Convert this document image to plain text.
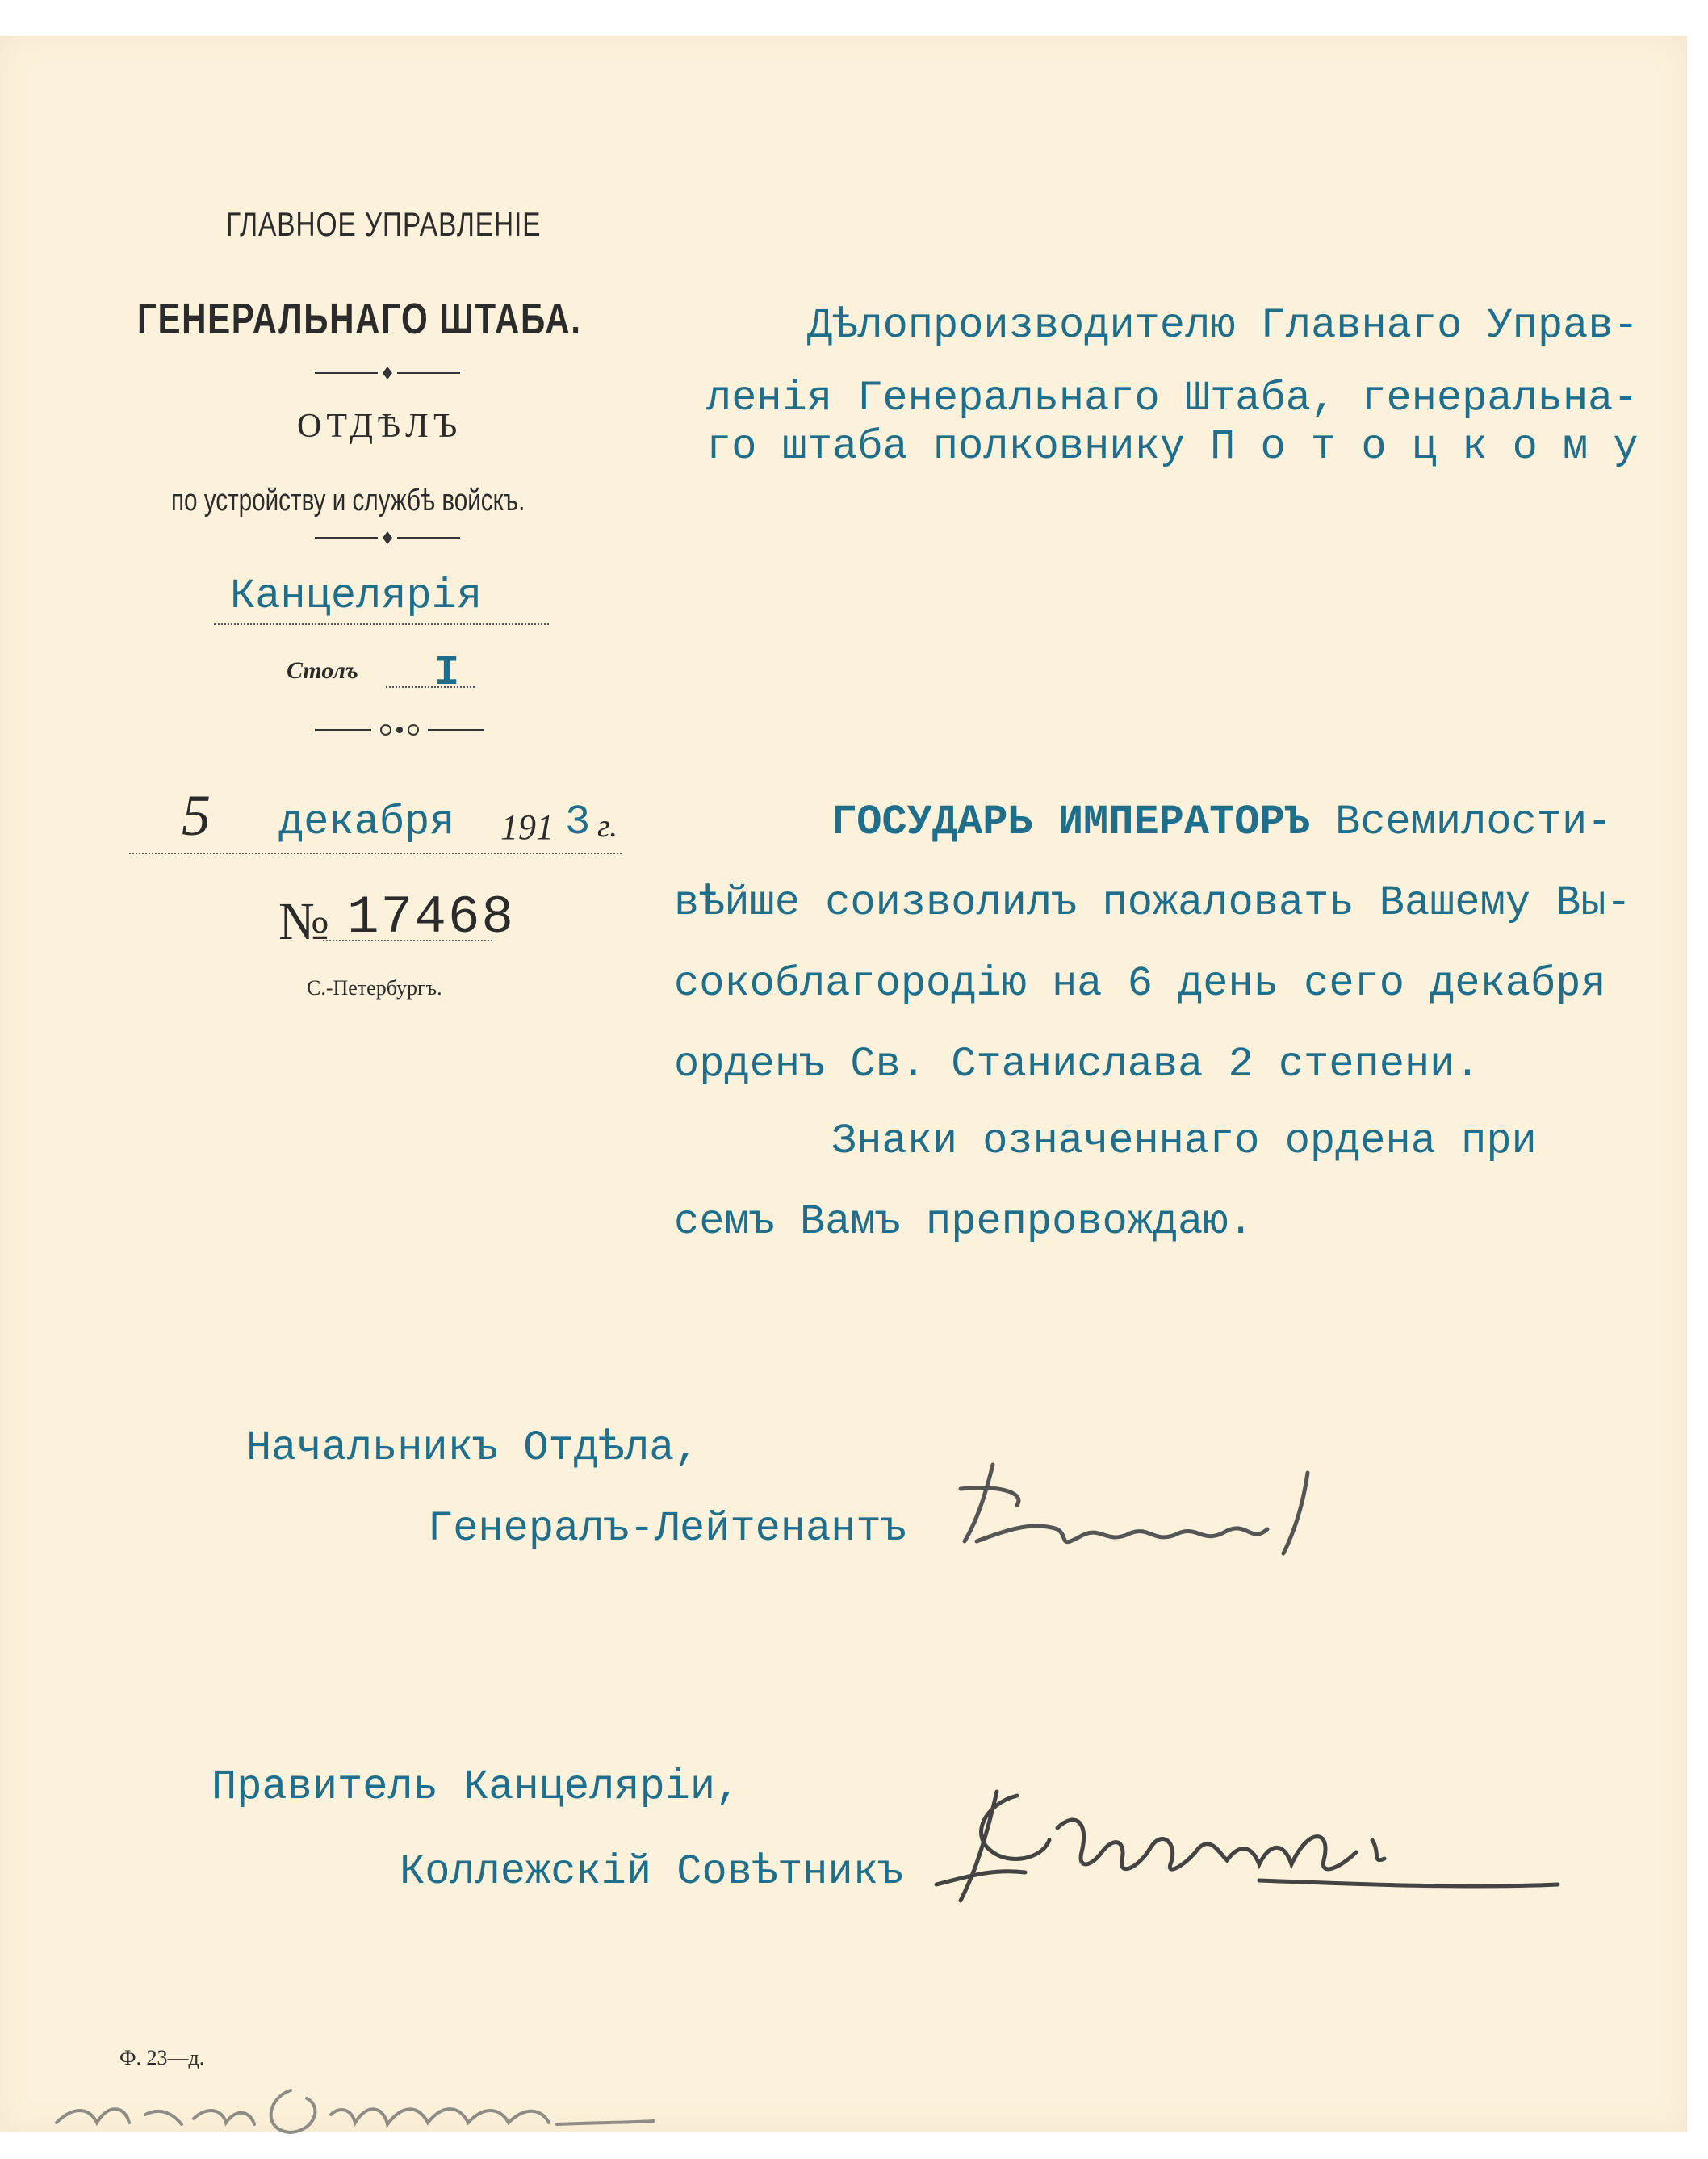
ГЛАВНОЕ УПРАВЛЕНІЕ
ГЕНЕРАЛЬНАГО ШТАБА.
ОТДѢЛЪ
по устройству и службѣ войскъ.
Канцелярія
Столъ I
5 декабря 191 3 г.
№ 17468
С.-Петербургъ.
Дѣлопроизводителю Главнаго Управ-
ленія Генеральнаго Штаба, генеральна-
го штаба полковнику П о т о ц к о м у
ГОСУДАРЬ ИМПЕРАТОРЪ Всемилости-
вѣйше соизволилъ пожаловать Вашему Вы-
сокоблагородію на 6 день сего декабря
орденъ Св. Станислава 2 степени.
Знаки означеннаго ордена при
семъ Вамъ препровождаю.
Начальникъ Отдѣла,
Генералъ-Лейтенантъ
Правитель Канцеляріи,
Коллежскій Совѣтникъ
Ф. 23—д.
